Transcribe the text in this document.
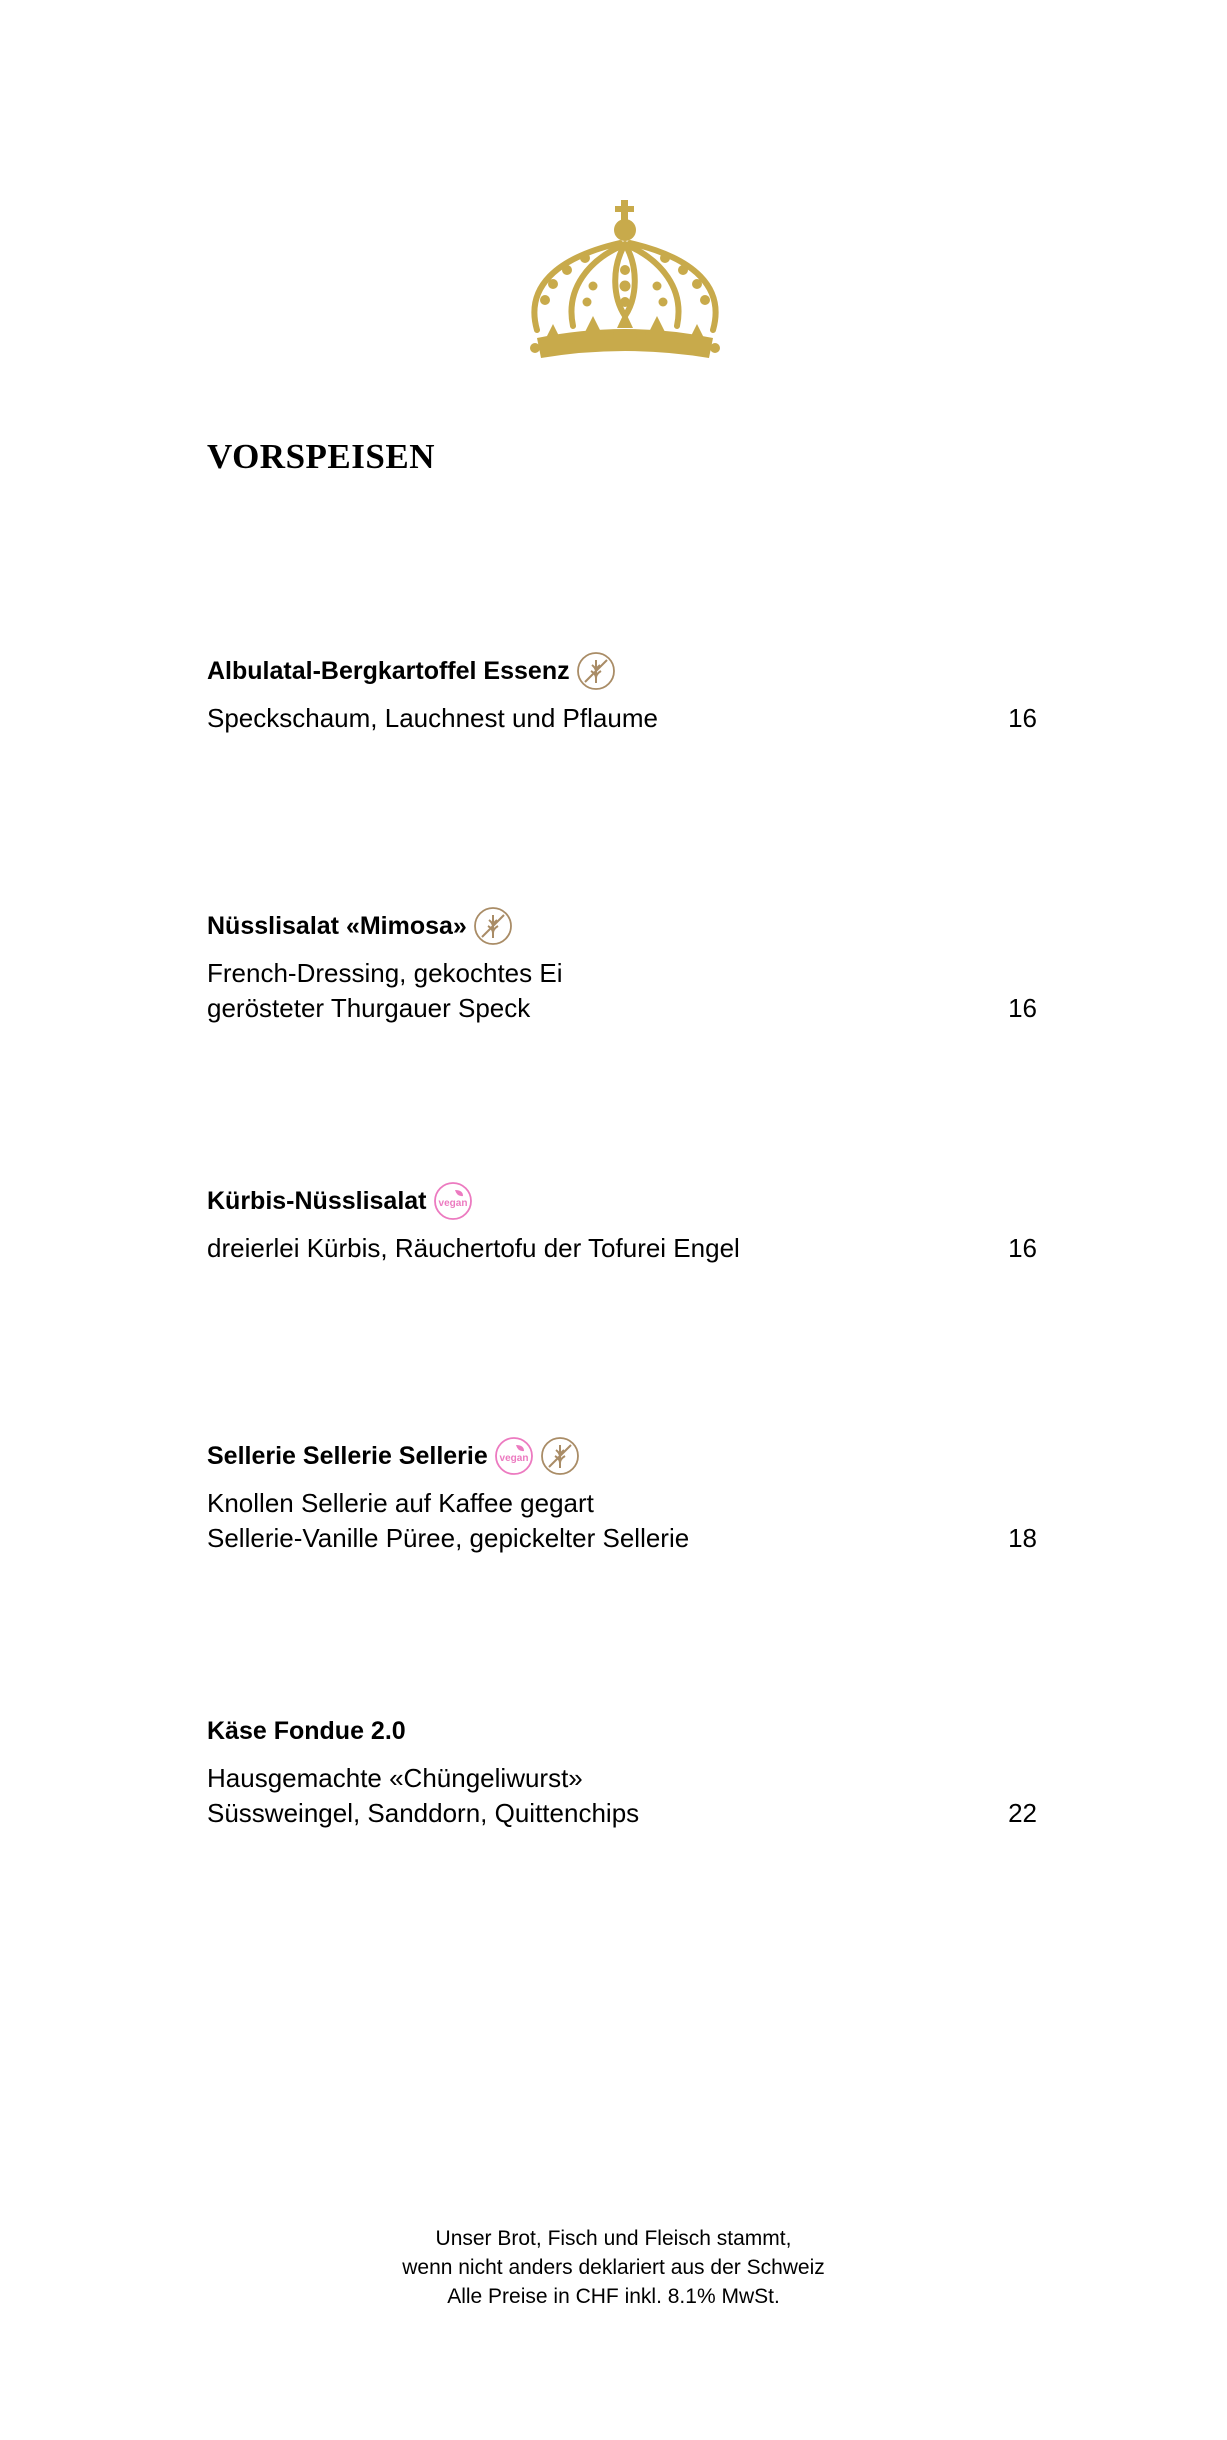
VORSPEISEN
Albulatal-Bergkartoffel Essenz
Speckschaum, Lauchnest und Pflaume	16
Nüsslisalat «Mimosa»
French-Dressing, gekochtes Ei
gerösteter Thurgauer Speck	16
Kürbis-Nüsslisalat vegan
dreierlei Kürbis, Räuchertofu der Tofurei Engel	16
Sellerie Sellerie Sellerie vegan
Knollen Sellerie auf Kaffee gegart
Sellerie-Vanille Püree, gepickelter Sellerie	18
Käse Fondue 2.0
Hausgemachte «Chüngeliwurst»
Süssweingel, Sanddorn, Quittenchips	22
Unser Brot, Fisch und Fleisch stammt,
wenn nicht anders deklariert aus der Schweiz
Alle Preise in CHF inkl. 8.1% MwSt.
